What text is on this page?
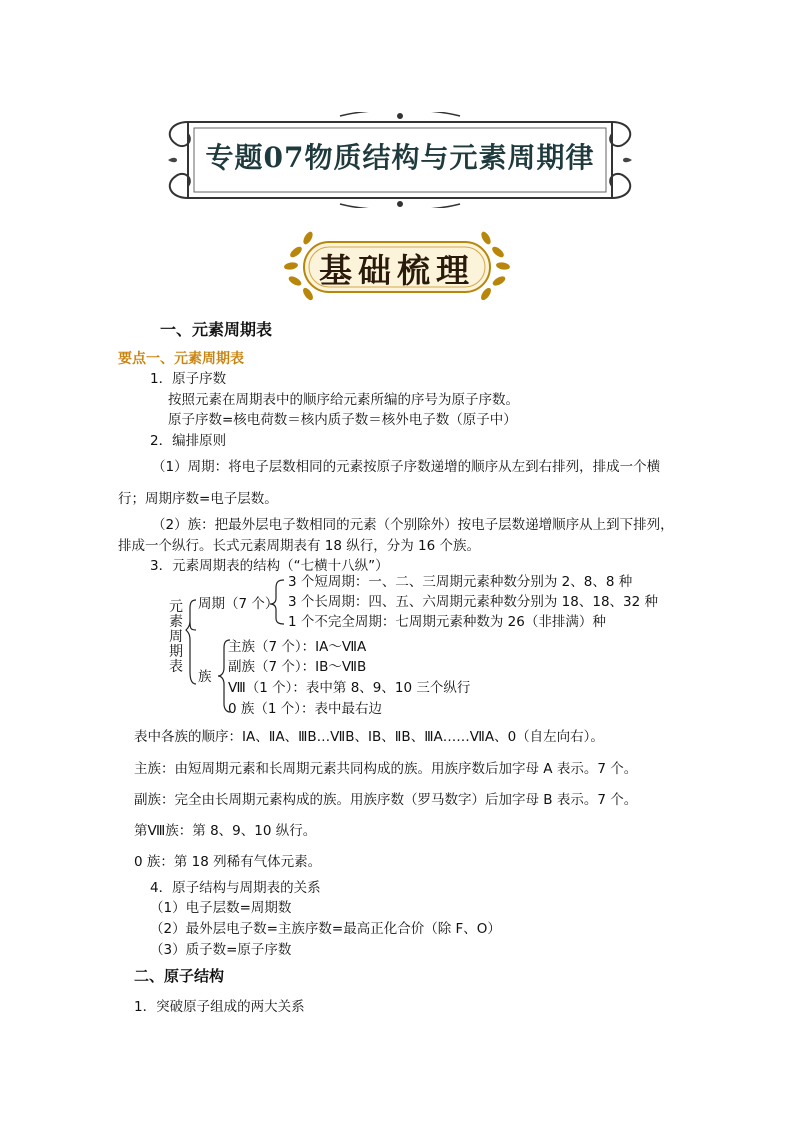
专题07物质结构与元素周期律
基础梳理
一、元素周期表
要点一、元素周期表
1．原子序数
按照元素在周期表中的顺序给元素所编的序号为原子序数。
原子序数=核电荷数＝核内质子数＝核外电子数（原子中）
2．编排原则
（1）周期：将电子层数相同的元素按原子序数递增的顺序从左到右排列，排成一个横
行；周期序数=电子层数。
（2）族：把最外层电子数相同的元素（个别除外）按电子层数递增顺序从上到下排列，
排成一个纵行。长式元素周期表有 18 纵行，分为 16 个族。
3．元素周期表的结构（“七横十八纵”）
元素周期表
周期（7 个）
3 个短周期：一、二、三周期元素种数分别为 2、8、8 种
3 个长周期：四、五、六周期元素种数分别为 18、18、32 种
1 个不完全周期：七周期元素种数为 26（非排满）种
族
主族（7 个）：ⅠA～ⅦA
副族（7 个）：ⅠB～ⅦB
Ⅷ（1 个）：表中第 8、9、10 三个纵行
0 族（1 个）：表中最右边
表中各族的顺序：ⅠA、ⅡA、ⅢB…ⅦB、ⅠB、ⅡB、ⅢA……ⅦA、0（自左向右）。
主族：由短周期元素和长周期元素共同构成的族。用族序数后加字母 A 表示。7 个。
副族：完全由长周期元素构成的族。用族序数（罗马数字）后加字母 B 表示。7 个。
第Ⅷ族：第 8、9、10 纵行。
0 族：第 18 列稀有气体元素。
4．原子结构与周期表的关系
（1）电子层数=周期数
（2）最外层电子数=主族序数=最高正化合价（除 F、O）
（3）质子数=原子序数
二、原子结构
1．突破原子组成的两大关系
